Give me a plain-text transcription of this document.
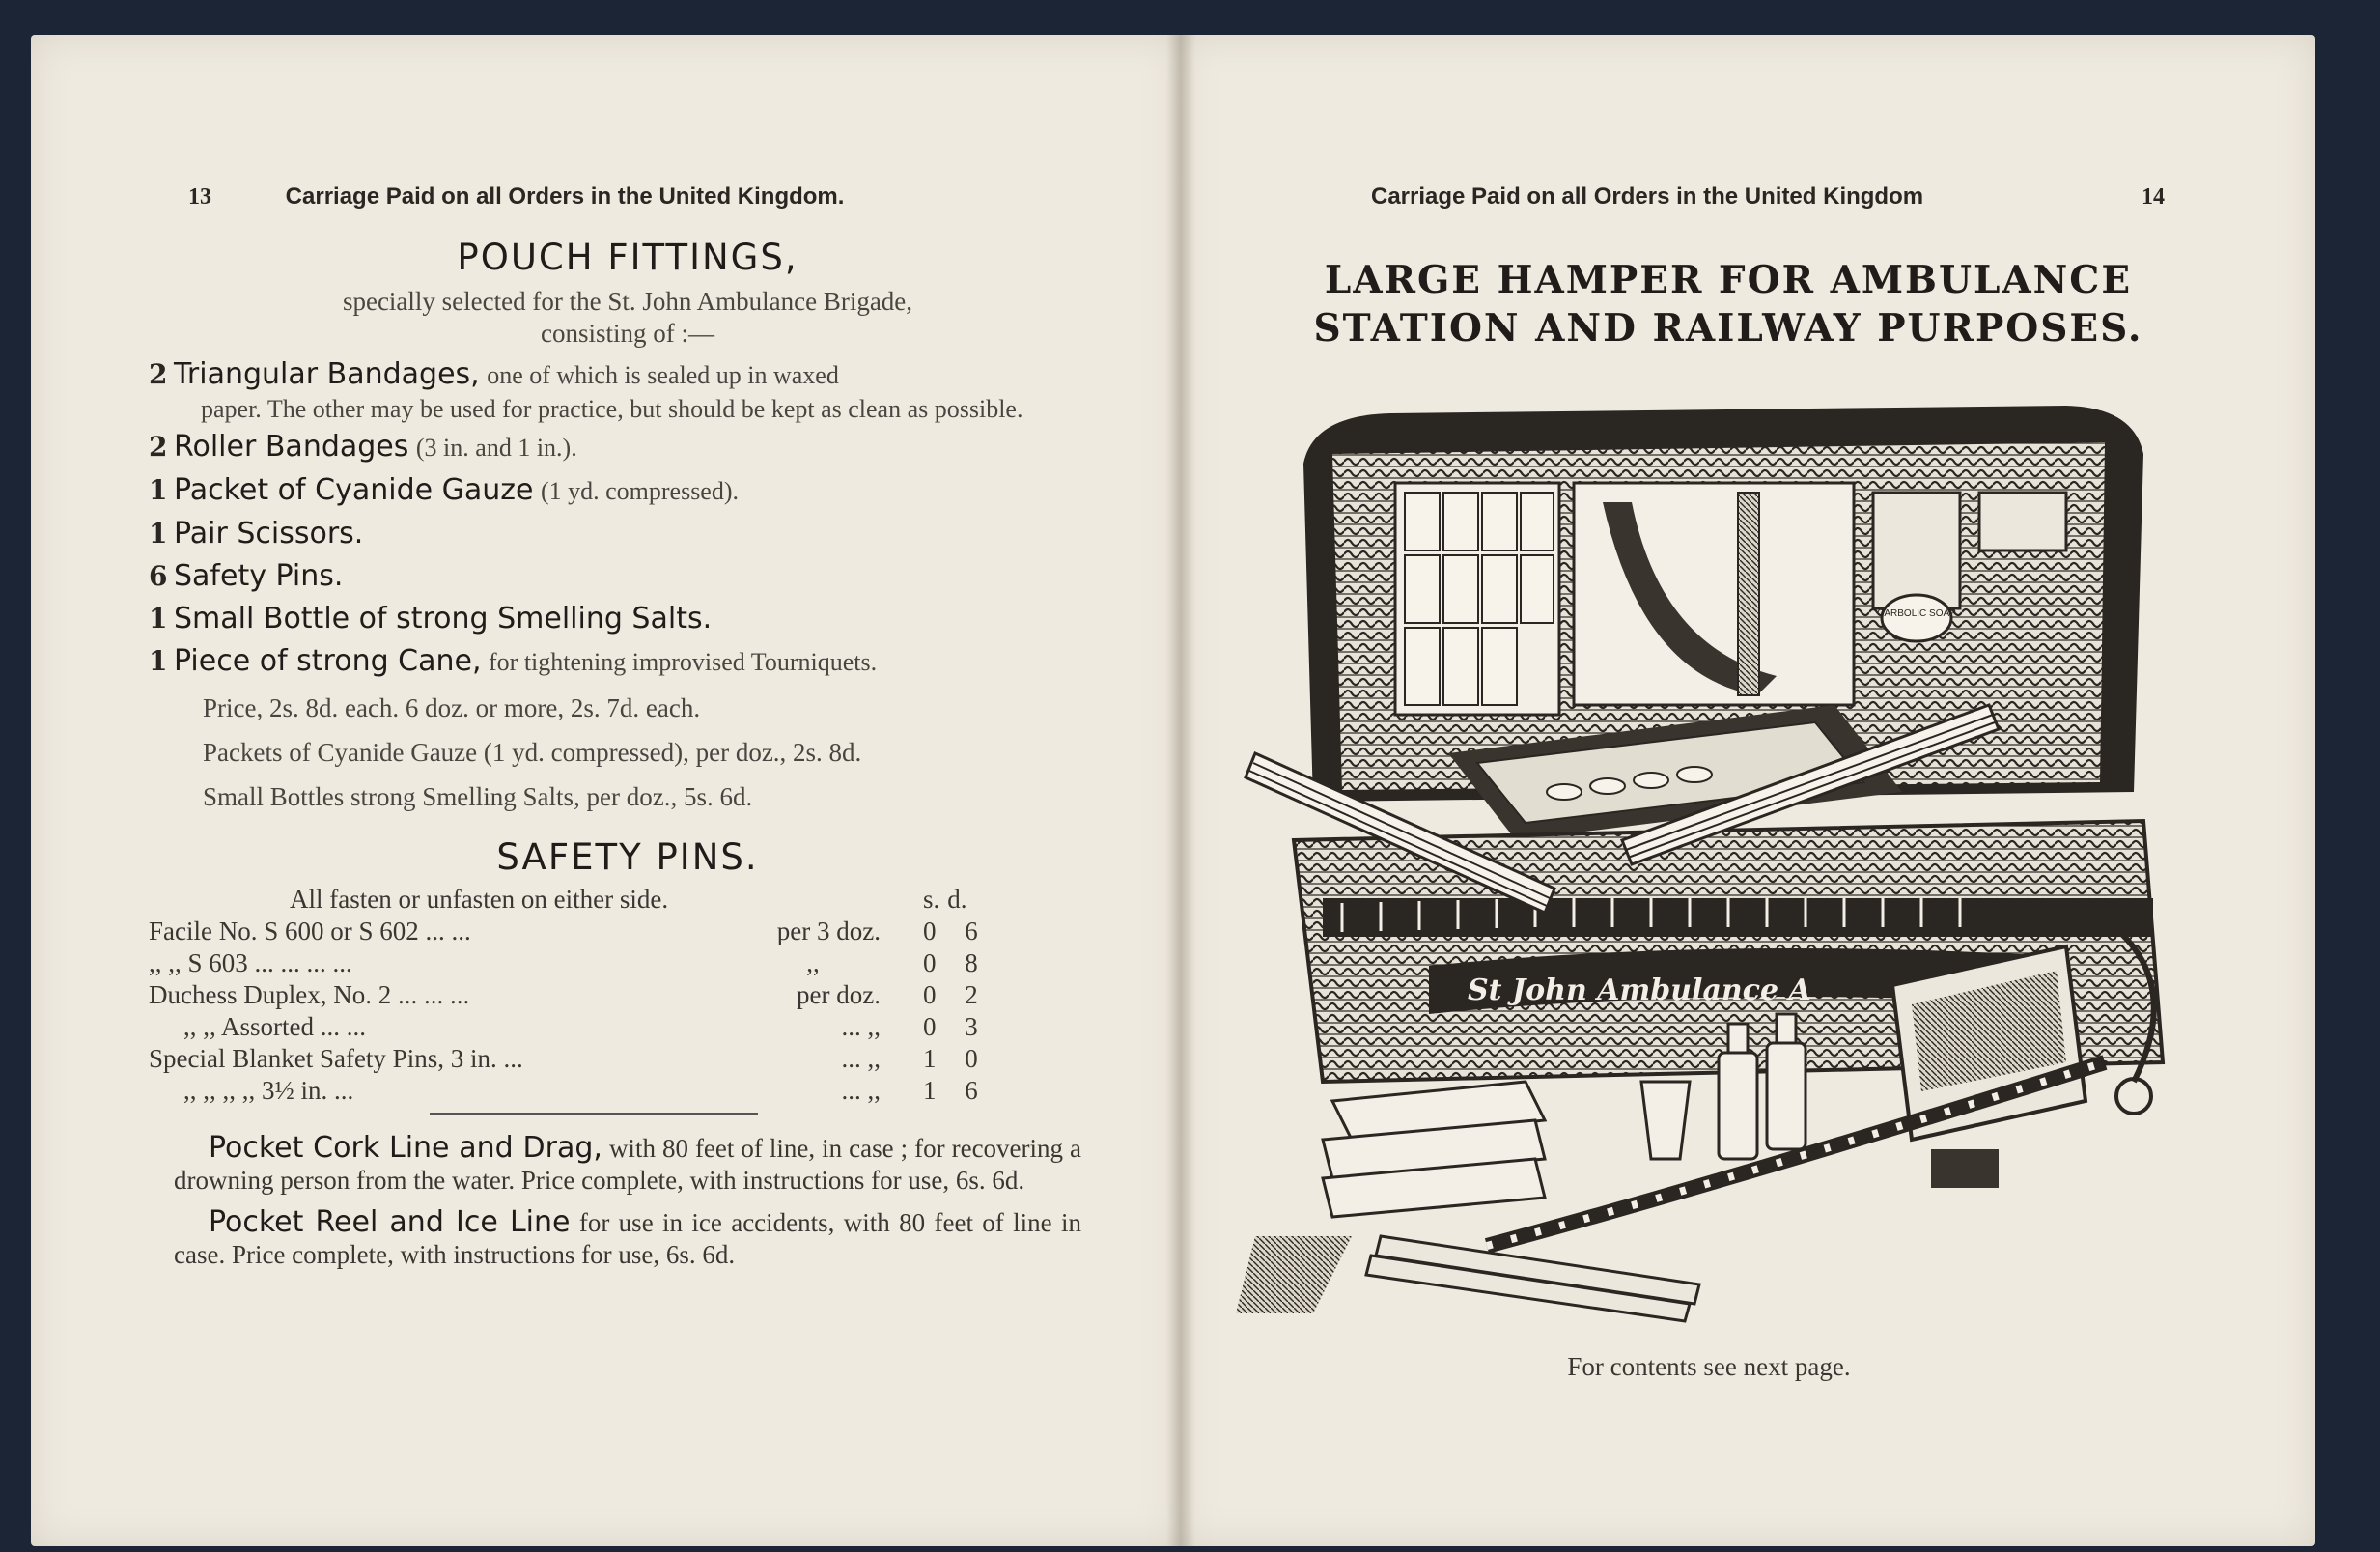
13	Carriage Paid on all Orders in the United Kingdom.	Carriage Paid on all Orders in the United Kingdom	14
POUCH FITTINGS,
specially selected for the St. John Ambulance Brigade,
consisting of :—
2 Triangular Bandages, one of which is sealed up in waxed
paper. The other may be used for practice, but should be kept as clean as possible.
2 Roller Bandages (3 in. and 1 in.).
1 Packet of Cyanide Gauze (1 yd. compressed).
1 Pair Scissors.
6 Safety Pins.
1 Small Bottle of strong Smelling Salts.
1 Piece of strong Cane, for tightening improvised Tourniquets.
Price, 2s. 8d. each. 6 doz. or more, 2s. 7d. each.
Packets of Cyanide Gauze (1 yd. compressed), per doz., 2s. 8d.
Small Bottles strong Smelling Salts, per doz., 5s. 6d.
SAFETY PINS.
All fasten or unfasten on either side.		s.	d.
Facile No. S 600 or S 602 ... ...	per 3 doz.	0	6
,, ,, S 603 ... ... ... ...	,,	0	8
Duchess Duplex, No. 2 ... ... ...	per doz.	0	2
,, ,, Assorted ... ...	... ,,	0	3
Special Blanket Safety Pins, 3 in. ...	... ,,	1	0
,, ,, ,, ,, 3½ in. ...	... ,,	1	6
Pocket Cork Line and Drag, with 80 feet of line, in case ; for recovering a drowning person from the water. Price complete, with instructions for use, 6s. 6d.
Pocket Reel and Ice Line for use in ice accidents, with 80 feet of line in case. Price complete, with instructions for use, 6s. 6d.
LARGE HAMPER FOR AMBULANCE
STATION AND RAILWAY PURPOSES.
CARBOLIC SOAP
St John Ambulance A
For contents see next page.
